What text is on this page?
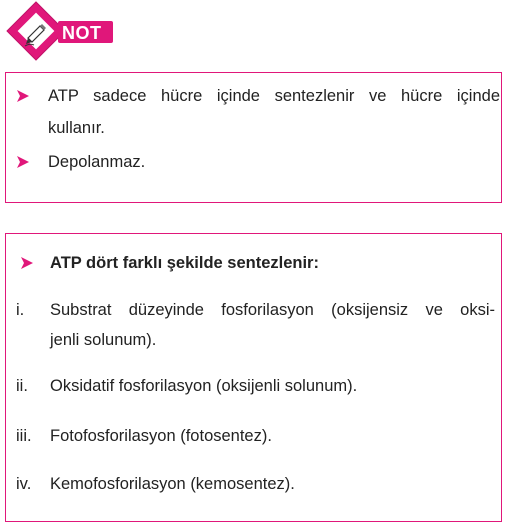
NOT
ATP sadece hücre içinde sentezlenir ve hücre içinde
kullanır.
Depolanmaz.
ATP dört farklı şekilde sentezlenir:
i. Substrat düzeyinde fosforilasyon (oksijensiz ve oksi-
jenli solunum).
ii. Oksidatif fosforilasyon (oksijenli solunum).
iii. Fotofosforilasyon (fotosentez).
iv. Kemofosforilasyon (kemosentez).
